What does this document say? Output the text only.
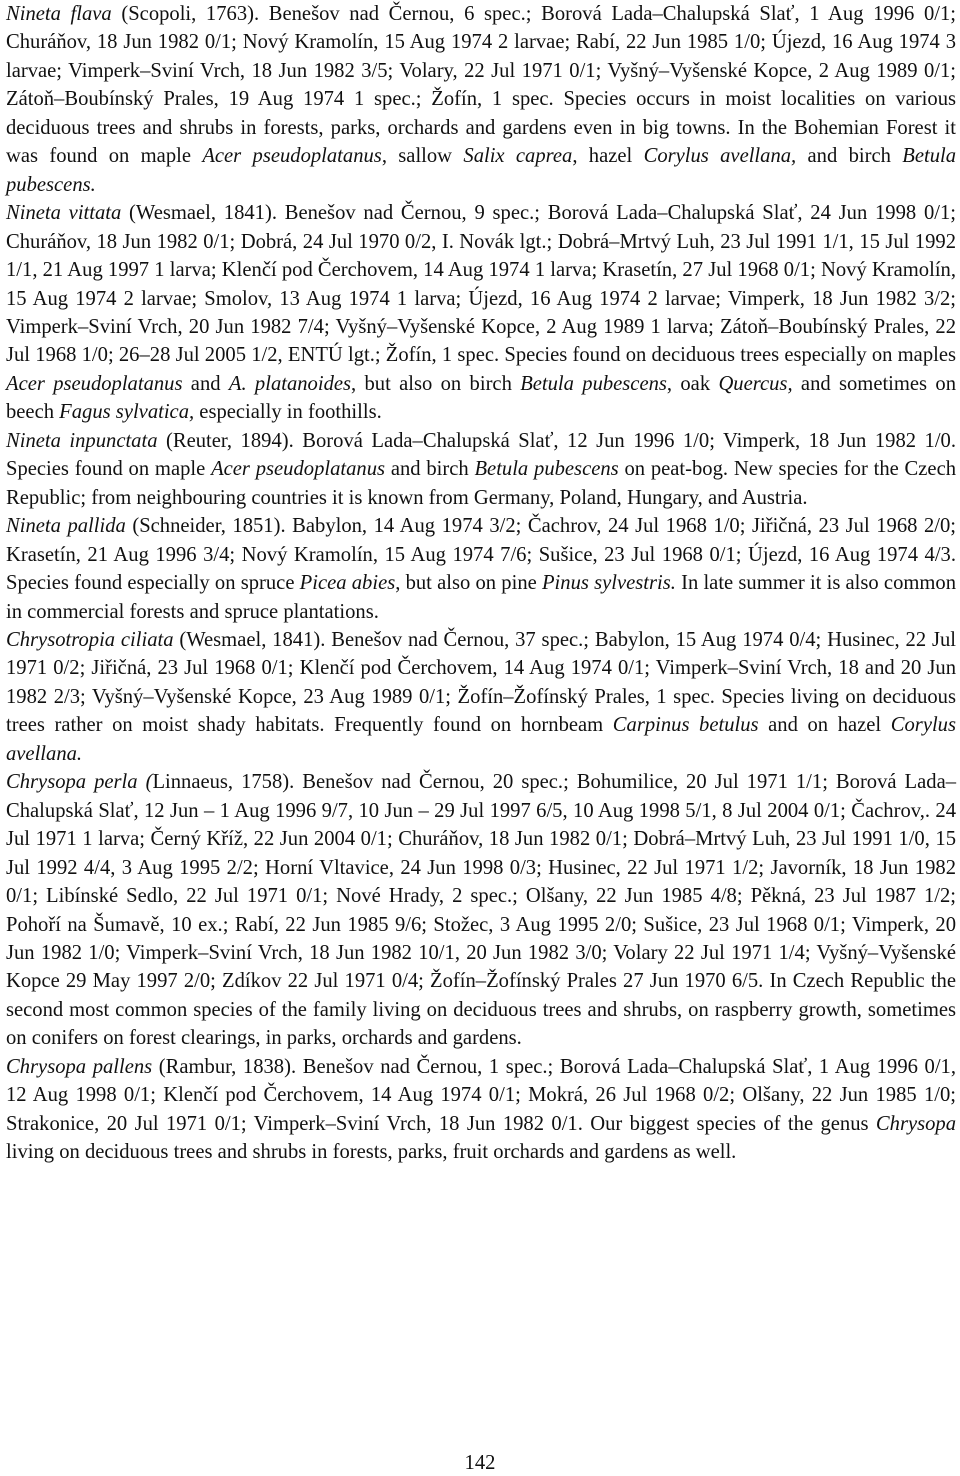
Nineta flava (Scopoli, 1763). Benešov nad Černou, 6 spec.; Borová Lada–Chalupská Slať, 1 Aug 1996 0/1; Churáňov, 18 Jun 1982 0/1; Nový Kramolín, 15 Aug 1974 2 larvae; Rabí, 22 Jun 1985 1/0; Újezd, 16 Aug 1974 3 larvae; Vimperk–Sviní Vrch, 18 Jun 1982 3/5; Volary, 22 Jul 1971 0/1; Vyšný–Vyšenské Kopce, 2 Aug 1989 0/1; Zátoň–Boubínský Prales, 19 Aug 1974 1 spec.; Žofín, 1 spec. Species occurs in moist localities on various deciduous trees and shrubs in forests, parks, orchards and gardens even in big towns. In the Bohemian Forest it was found on maple Acer pseudoplatanus, sallow Salix caprea, hazel Corylus avellana, and birch Betula pubescens.

Nineta vittata (Wesmael, 1841). Benešov nad Černou, 9 spec.; Borová Lada–Chalupská Slať, 24 Jun 1998 0/1; Churáňov, 18 Jun 1982 0/1; Dobrá, 24 Jul 1970 0/2, I. Novák lgt.; Dobrá–Mrtvý Luh, 23 Jul 1991 1/1, 15 Jul 1992 1/1, 21 Aug 1997 1 larva; Klenčí pod Čerchovem, 14 Aug 1974 1 larva; Krasetín, 27 Jul 1968 0/1; Nový Kramolín, 15 Aug 1974 2 larvae; Smolov, 13 Aug 1974 1 larva; Újezd, 16 Aug 1974 2 larvae; Vimperk, 18 Jun 1982 3/2; Vimperk–Sviní Vrch, 20 Jun 1982 7/4; Vyšný–Vyšenské Kopce, 2 Aug 1989 1 larva; Zátoň–Boubínský Prales, 22 Jul 1968 1/0; 26–28 Jul 2005 1/2, ENTÚ lgt.; Žofín, 1 spec. Species found on deciduous trees especially on maples Acer pseudoplatanus and A. platanoides, but also on birch Betula pubescens, oak Quercus, and sometimes on beech Fagus sylvatica, especially in foothills.

Nineta inpunctata (Reuter, 1894). Borová Lada–Chalupská Slať, 12 Jun 1996 1/0; Vimperk, 18 Jun 1982 1/0. Species found on maple Acer pseudoplatanus and birch Betula pubescens on peat-bog. New species for the Czech Republic; from neighbouring countries it is known from Germany, Poland, Hungary, and Austria.

Nineta pallida (Schneider, 1851). Babylon, 14 Aug 1974 3/2; Čachrov, 24 Jul 1968 1/0; Jiřičná, 23 Jul 1968 2/0; Krasetín, 21 Aug 1996 3/4; Nový Kramolín, 15 Aug 1974 7/6; Sušice, 23 Jul 1968 0/1; Újezd, 16 Aug 1974 4/3. Species found especially on spruce Picea abies, but also on pine Pinus sylvestris. In late summer it is also common in commercial forests and spruce plantations.

Chrysotropia ciliata (Wesmael, 1841). Benešov nad Černou, 37 spec.; Babylon, 15 Aug 1974 0/4; Husinec, 22 Jul 1971 0/2; Jiřičná, 23 Jul 1968 0/1; Klenčí pod Čerchovem, 14 Aug 1974 0/1; Vimperk–Sviní Vrch, 18 and 20 Jun 1982 2/3; Vyšný–Vyšenské Kopce, 23 Aug 1989 0/1; Žofín–Žofínský Prales, 1 spec. Species living on deciduous trees rather on moist shady habitats. Frequently found on hornbeam Carpinus betulus and on hazel Corylus avellana.

Chrysopa perla (Linnaeus, 1758). Benešov nad Černou, 20 spec.; Bohumilice, 20 Jul 1971 1/1; Borová Lada–Chalupská Slať, 12 Jun – 1 Aug 1996 9/7, 10 Jun – 29 Jul 1997 6/5, 10 Aug 1998 5/1, 8 Jul 2004 0/1; Čachrov,. 24 Jul 1971 1 larva; Černý Kříž, 22 Jun 2004 0/1; Churáňov, 18 Jun 1982 0/1; Dobrá–Mrtvý Luh, 23 Jul 1991 1/0, 15 Jul 1992 4/4, 3 Aug 1995 2/2; Horní Vltavice, 24 Jun 1998 0/3; Husinec, 22 Jul 1971 1/2; Javorník, 18 Jun 1982 0/1; Libínské Sedlo, 22 Jul 1971 0/1; Nové Hrady, 2 spec.; Olšany, 22 Jun 1985 4/8; Pěkná, 23 Jul 1987 1/2; Pohoří na Šumavě, 10 ex.; Rabí, 22 Jun 1985 9/6; Stožec, 3 Aug 1995 2/0; Sušice, 23 Jul 1968 0/1; Vimperk, 20 Jun 1982 1/0; Vimperk–Sviní Vrch, 18 Jun 1982 10/1, 20 Jun 1982 3/0; Volary 22 Jul 1971 1/4; Vyšný–Vyšenské Kopce 29 May 1997 2/0; Zdíkov 22 Jul 1971 0/4; Žofín–Žofínský Prales 27 Jun 1970 6/5. In Czech Republic the second most common species of the family living on deciduous trees and shrubs, on raspberry growth, sometimes on conifers on forest clearings, in parks, orchards and gardens.

Chrysopa pallens (Rambur, 1838). Benešov nad Černou, 1 spec.; Borová Lada–Chalupská Slať, 1 Aug 1996 0/1, 12 Aug 1998 0/1; Klenčí pod Čerchovem, 14 Aug 1974 0/1; Mokrá, 26 Jul 1968 0/2; Olšany, 22 Jun 1985 1/0; Strakonice, 20 Jul 1971 0/1; Vimperk–Sviní Vrch, 18 Jun 1982 0/1. Our biggest species of the genus Chrysopa living on deciduous trees and shrubs in forests, parks, fruit orchards and gardens as well.

142
